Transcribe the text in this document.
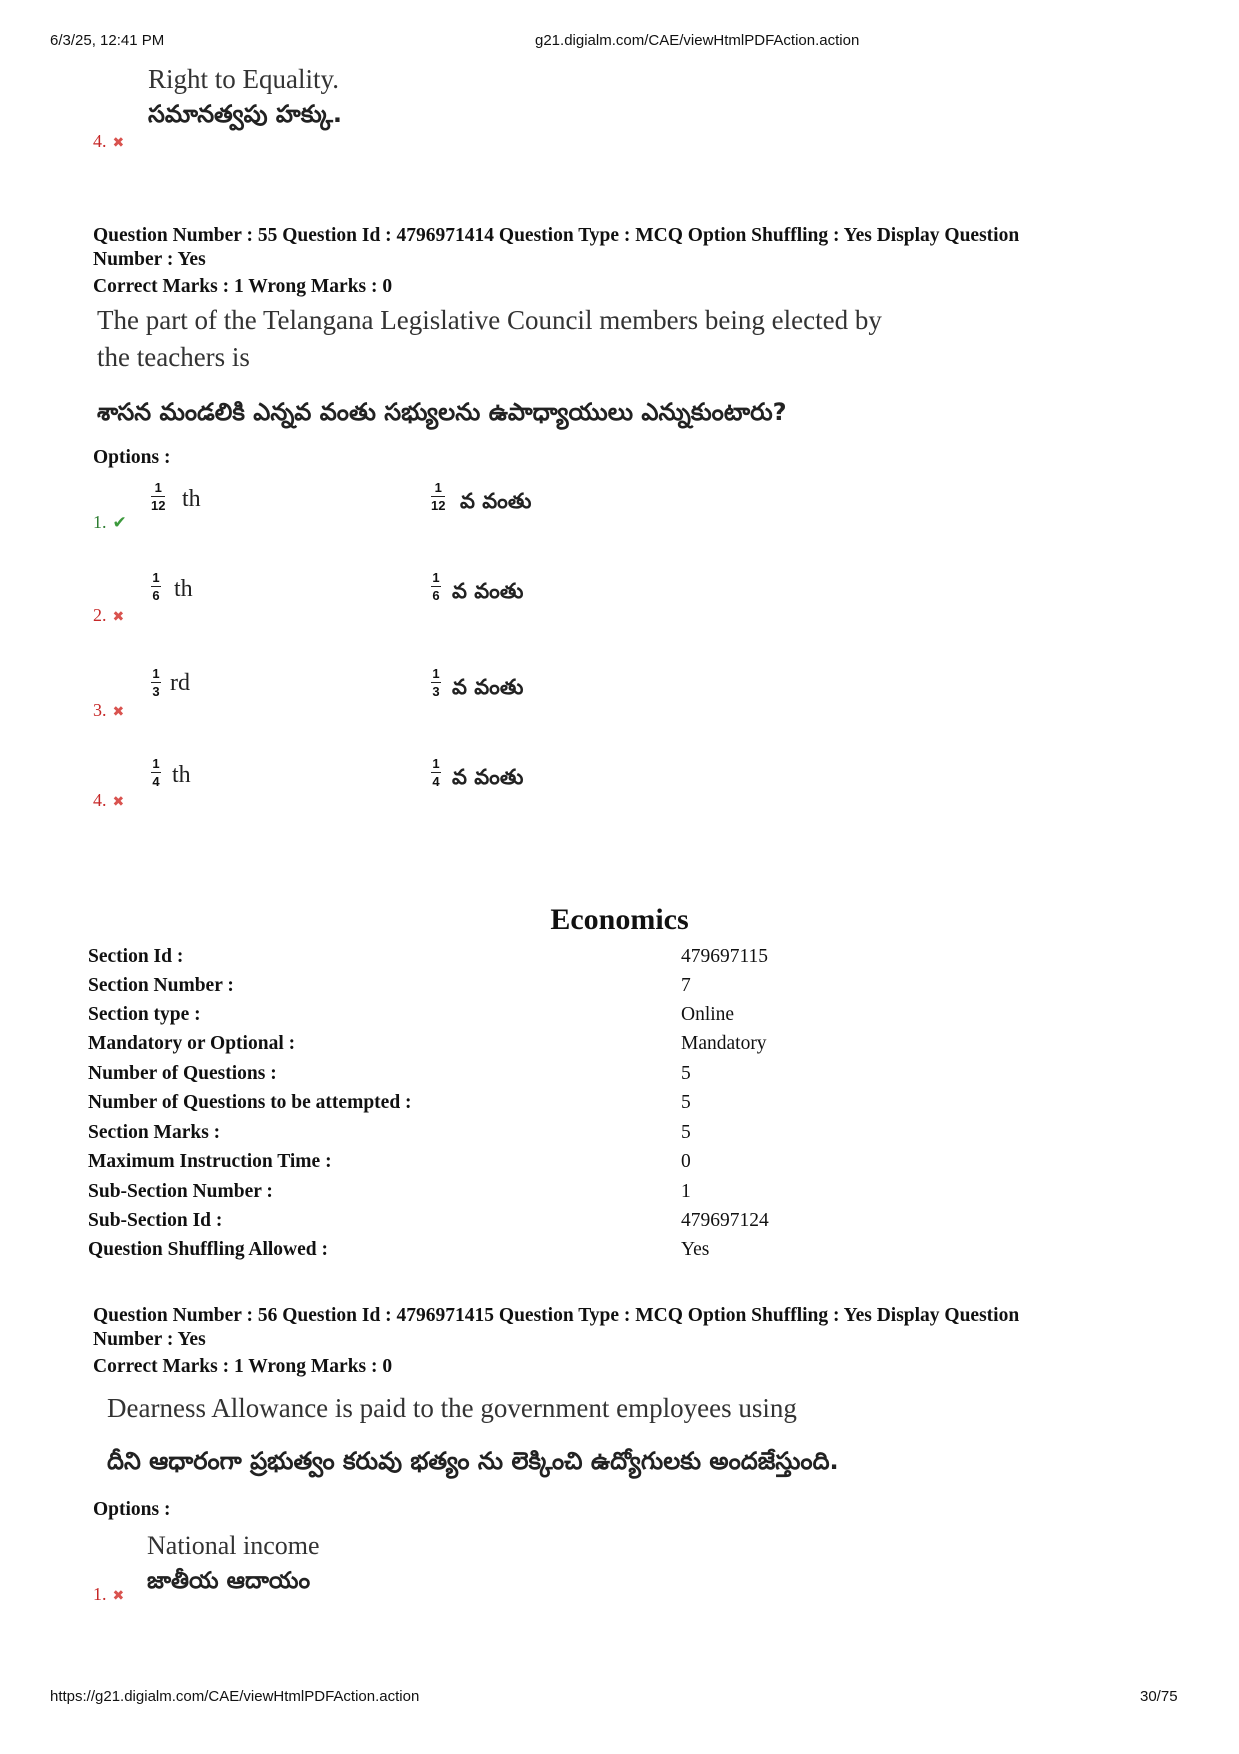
6/3/25, 12:41 PM	g21.digialm.com/CAE/viewHtmlPDFAction.action
Right to Equality.
సమానత్వపు హక్కు.
4. ✖
Question Number : 55 Question Id : 4796971414 Question Type : MCQ Option Shuffling : Yes Display Question
Number : Yes
Correct Marks : 1 Wrong Marks : 0
The part of the Telangana Legislative Council members being elected by
the teachers is
శాసన మండలికి ఎన్నవ వంతు సభ్యులను ఉపాధ్యాయులు ఎన్నుకుంటారు?
Options :
1. ✔
1
12 th	1
12 వ వంతు
2. ✖
1
6 th	1
6 వ వంతు
3. ✖
1
3 rd	1
3 వ వంతు
4. ✖
1
4 th	1
4 వ వంతు
Economics
Section Id :	479697115
Section Number :	7
Section type :	Online
Mandatory or Optional :	Mandatory
Number of Questions :	5
Number of Questions to be attempted :	5
Section Marks :	5
Maximum Instruction Time :	0
Sub-Section Number :	1
Sub-Section Id :	479697124
Question Shuffling Allowed :	Yes
Question Number : 56 Question Id : 4796971415 Question Type : MCQ Option Shuffling : Yes Display Question
Number : Yes
Correct Marks : 1 Wrong Marks : 0
Dearness Allowance is paid to the government employees using
దీని ఆధారంగా ప్రభుత్వం కరువు భత్యం ను లెక్కించి ఉద్యోగులకు అందజేస్తుంది.
Options :
National income
జాతీయ ఆదాయం
1. ✖
https://g21.digialm.com/CAE/viewHtmlPDFAction.action	30/75
